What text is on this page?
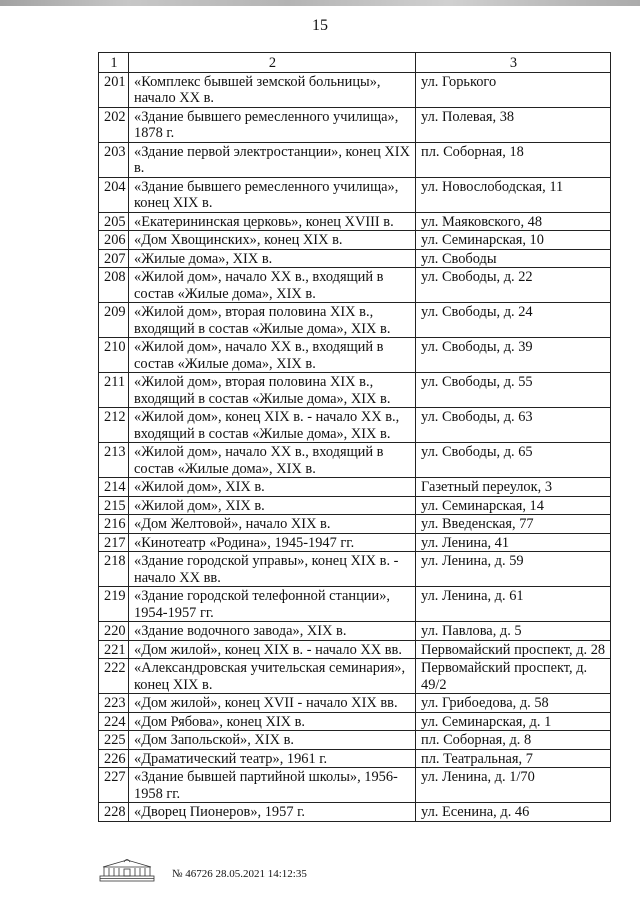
15
1	2	3
201	«Комплекс бывшей земской больницы», начало XX в.	ул. Горького
202	«Здание бывшего ремесленного училища», 1878 г.	ул. Полевая, 38
203	«Здание первой электростанции», конец XIX в.	пл. Соборная, 18
204	«Здание бывшего ремесленного училища», конец XIX в.	ул. Новослободская, 11
205	«Екатерининская церковь», конец XVIII в.	ул. Маяковского, 48
206	«Дом Хвощинских», конец XIX в.	ул. Семинарская, 10
207	«Жилые дома», XIX в.	ул. Свободы
208	«Жилой дом», начало XX в., входящий в состав «Жилые дома», XIX в.	ул. Свободы, д. 22
209	«Жилой дом», вторая половина XIX в., входящий в состав «Жилые дома», XIX в.	ул. Свободы, д. 24
210	«Жилой дом», начало XX в., входящий в состав «Жилые дома», XIX в.	ул. Свободы, д. 39
211	«Жилой дом», вторая половина XIX в., входящий в состав «Жилые дома», XIX в.	ул. Свободы, д. 55
212	«Жилой дом», конец XIX в. - начало XX в., входящий в состав «Жилые дома», XIX в.	ул. Свободы, д. 63
213	«Жилой дом», начало XX в., входящий в состав «Жилые дома», XIX в.	ул. Свободы, д. 65
214	«Жилой дом», XIX в.	Газетный переулок, 3
215	«Жилой дом», XIX в.	ул. Семинарская, 14
216	«Дом Желтовой», начало XIX в.	ул. Введенская, 77
217	«Кинотеатр «Родина», 1945-1947 гг.	ул. Ленина, 41
218	«Здание городской управы», конец XIX в. - начало XX вв.	ул. Ленина, д. 59
219	«Здание городской телефонной станции», 1954-1957 гг.	ул. Ленина, д. 61
220	«Здание водочного завода», XIX в.	ул. Павлова, д. 5
221	«Дом жилой», конец XIX в. - начало XX вв.	Первомайский проспект, д. 28
222	«Александровская учительская семинария», конец XIX в.	Первомайский проспект, д. 49/2
223	«Дом жилой», конец XVII - начало XIX вв.	ул. Грибоедова, д. 58
224	«Дом Рябова», конец XIX в.	ул. Семинарская, д. 1
225	«Дом Запольской», XIX в.	пл. Соборная, д. 8
226	«Драматический театр», 1961 г.	пл. Театральная, 7
227	«Здание бывшей партийной школы», 1956-1958 гг.	ул. Ленина, д. 1/70
228	«Дворец Пионеров», 1957 г.	ул. Есенина, д. 46
№ 46726 28.05.2021 14:12:35
